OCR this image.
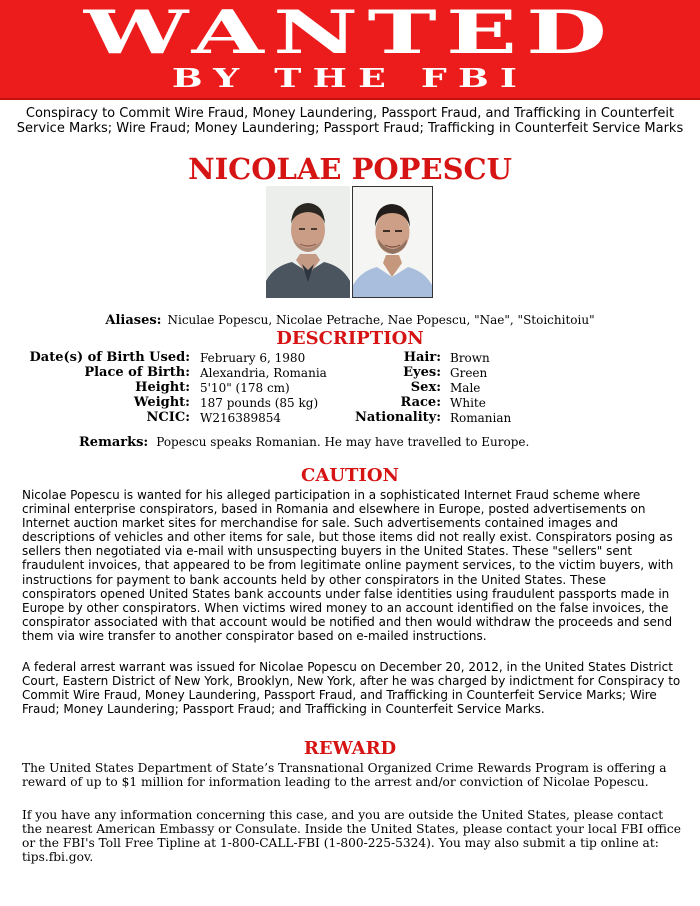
WANTED
BY THE FBI
Conspiracy to Commit Wire Fraud, Money Laundering, Passport Fraud, and Trafficking in Counterfeit Service Marks; Wire Fraud; Money Laundering; Passport Fraud; Trafficking in Counterfeit Service Marks
NICOLAE POPESCU
Aliases: Niculae Popescu, Nicolae Petrache, Nae Popescu, "Nae", "Stoichitoiu"
DESCRIPTION
Date(s) of Birth Used: February 6, 1980
Place of Birth: Alexandria, Romania
Height: 5'10" (178 cm)
Weight: 187 pounds (85 kg)
NCIC: W216389854
Hair: Brown
Eyes: Green
Sex: Male
Race: White
Nationality: Romanian
Remarks: Popescu speaks Romanian. He may have travelled to Europe.
CAUTION

Nicolae Popescu is wanted for his alleged participation in a sophisticated Internet Fraud scheme where criminal enterprise conspirators, based in Romania and elsewhere in Europe, posted advertisements on Internet auction market sites for merchandise for sale. Such advertisements contained images and descriptions of vehicles and other items for sale, but those items did not really exist. Conspirators posing as sellers then negotiated via e-mail with unsuspecting buyers in the United States. These "sellers" sent fraudulent invoices, that appeared to be from legitimate online payment services, to the victim buyers, with instructions for payment to bank accounts held by other conspirators in the United States. These conspirators opened United States bank accounts under false identities using fraudulent passports made in Europe by other conspirators. When victims wired money to an account identified on the false invoices, the conspirator associated with that account would be notified and then would withdraw the proceeds and send them via wire transfer to another conspirator based on e-mailed instructions.

A federal arrest warrant was issued for Nicolae Popescu on December 20, 2012, in the United States District Court, Eastern District of New York, Brooklyn, New York, after he was charged by indictment for Conspiracy to Commit Wire Fraud, Money Laundering, Passport Fraud, and Trafficking in Counterfeit Service Marks; Wire Fraud; Money Laundering; Passport Fraud; and Trafficking in Counterfeit Service Marks.

REWARD

The United States Department of State’s Transnational Organized Crime Rewards Program is offering a reward of up to $1 million for information leading to the arrest and/or conviction of Nicolae Popescu.

If you have any information concerning this case, and you are outside the United States, please contact the nearest American Embassy or Consulate. Inside the United States, please contact your local FBI office or the FBI's Toll Free Tipline at 1-800-CALL-FBI (1-800-225-5324). You may also submit a tip online at: tips.fbi.gov.
